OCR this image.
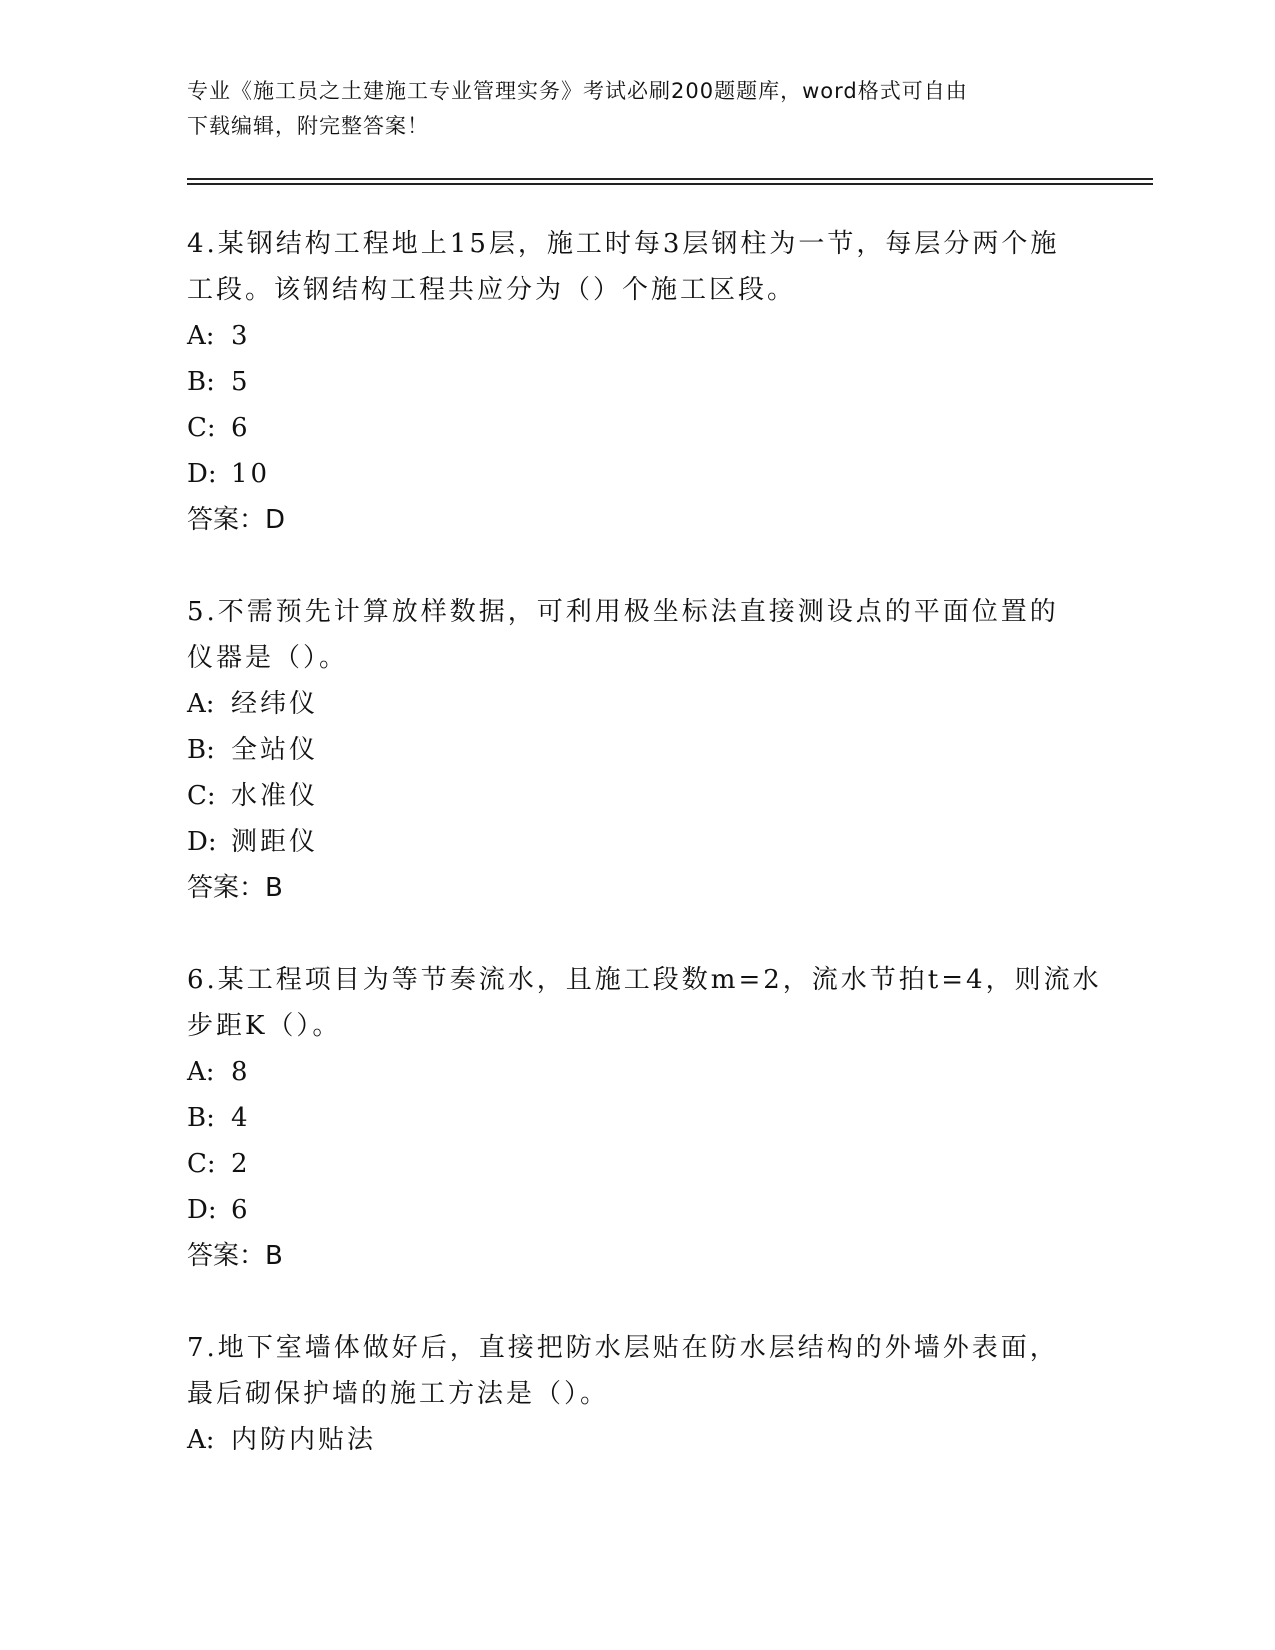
专业《施工员之土建施工专业管理实务》考试必刷200题题库，word格式可自由
下载编辑，附完整答案！
4.某钢结构工程地上15层，施工时每3层钢柱为一节，每层分两个施
工段。该钢结构工程共应分为（）个施工区段。
A: 3
B: 5
C: 6
D: 10
答案：D
5.不需预先计算放样数据，可利用极坐标法直接测设点的平面位置的
仪器是（）。
A: 经纬仪
B: 全站仪
C: 水准仪
D: 测距仪
答案：B
6.某工程项目为等节奏流水，且施工段数m=2，流水节拍t=4，则流水
步距K（）。
A: 8
B: 4
C: 2
D: 6
答案：B
7.地下室墙体做好后，直接把防水层贴在防水层结构的外墙外表面，
最后砌保护墙的施工方法是（）。
A: 内防内贴法
